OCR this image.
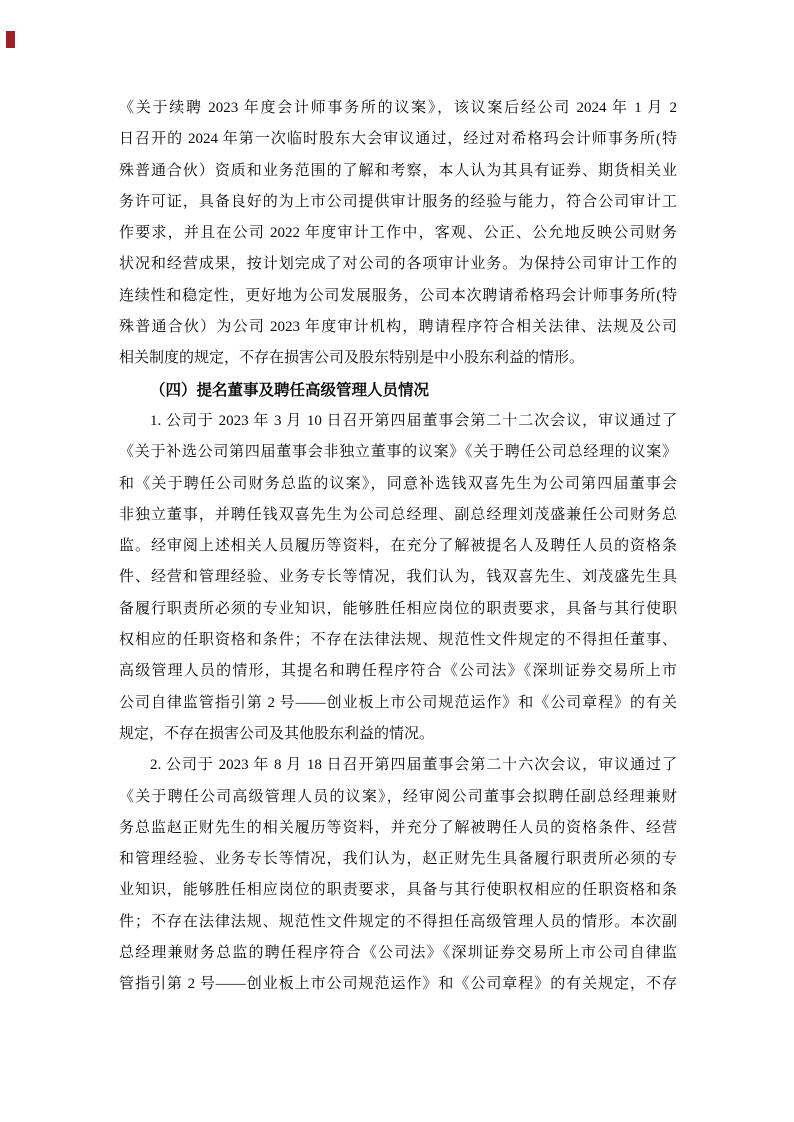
《关于续聘 2023 年度会计师事务所的议案》，该议案后经公司 2024 年 1 月 2
日召开的 2024 年第一次临时股东大会审议通过，经过对希格玛会计师事务所(特
殊普通合伙）资质和业务范围的了解和考察，本人认为其具有证券、期货相关业
务许可证，具备良好的为上市公司提供审计服务的经验与能力，符合公司审计工
作要求，并且在公司 2022 年度审计工作中，客观、公正、公允地反映公司财务
状况和经营成果，按计划完成了对公司的各项审计业务。为保持公司审计工作的
连续性和稳定性，更好地为公司发展服务，公司本次聘请希格玛会计师事务所(特
殊普通合伙）为公司 2023 年度审计机构，聘请程序符合相关法律、法规及公司
相关制度的规定，不存在损害公司及股东特别是中小股东利益的情形。
（四）提名董事及聘任高级管理人员情况
1. 公司于 2023 年 3 月 10 日召开第四届董事会第二十二次会议，审议通过了
《关于补选公司第四届董事会非独立董事的议案》《关于聘任公司总经理的议案》
和《关于聘任公司财务总监的议案》，同意补选钱双喜先生为公司第四届董事会
非独立董事，并聘任钱双喜先生为公司总经理、副总经理刘茂盛兼任公司财务总
监。经审阅上述相关人员履历等资料，在充分了解被提名人及聘任人员的资格条
件、经营和管理经验、业务专长等情况，我们认为，钱双喜先生、刘茂盛先生具
备履行职责所必须的专业知识，能够胜任相应岗位的职责要求，具备与其行使职
权相应的任职资格和条件；不存在法律法规、规范性文件规定的不得担任董事、
高级管理人员的情形，其提名和聘任程序符合《公司法》《深圳证券交易所上市
公司自律监管指引第 2 号——创业板上市公司规范运作》和《公司章程》的有关
规定，不存在损害公司及其他股东利益的情况。
2. 公司于 2023 年 8 月 18 日召开第四届董事会第二十六次会议，审议通过了
《关于聘任公司高级管理人员的议案》，经审阅公司董事会拟聘任副总经理兼财
务总监赵正财先生的相关履历等资料，并充分了解被聘任人员的资格条件、经营
和管理经验、业务专长等情况，我们认为，赵正财先生具备履行职责所必须的专
业知识，能够胜任相应岗位的职责要求，具备与其行使职权相应的任职资格和条
件；不存在法律法规、规范性文件规定的不得担任高级管理人员的情形。本次副
总经理兼财务总监的聘任程序符合《公司法》《深圳证券交易所上市公司自律监
管指引第 2 号——创业板上市公司规范运作》和《公司章程》的有关规定，不存
